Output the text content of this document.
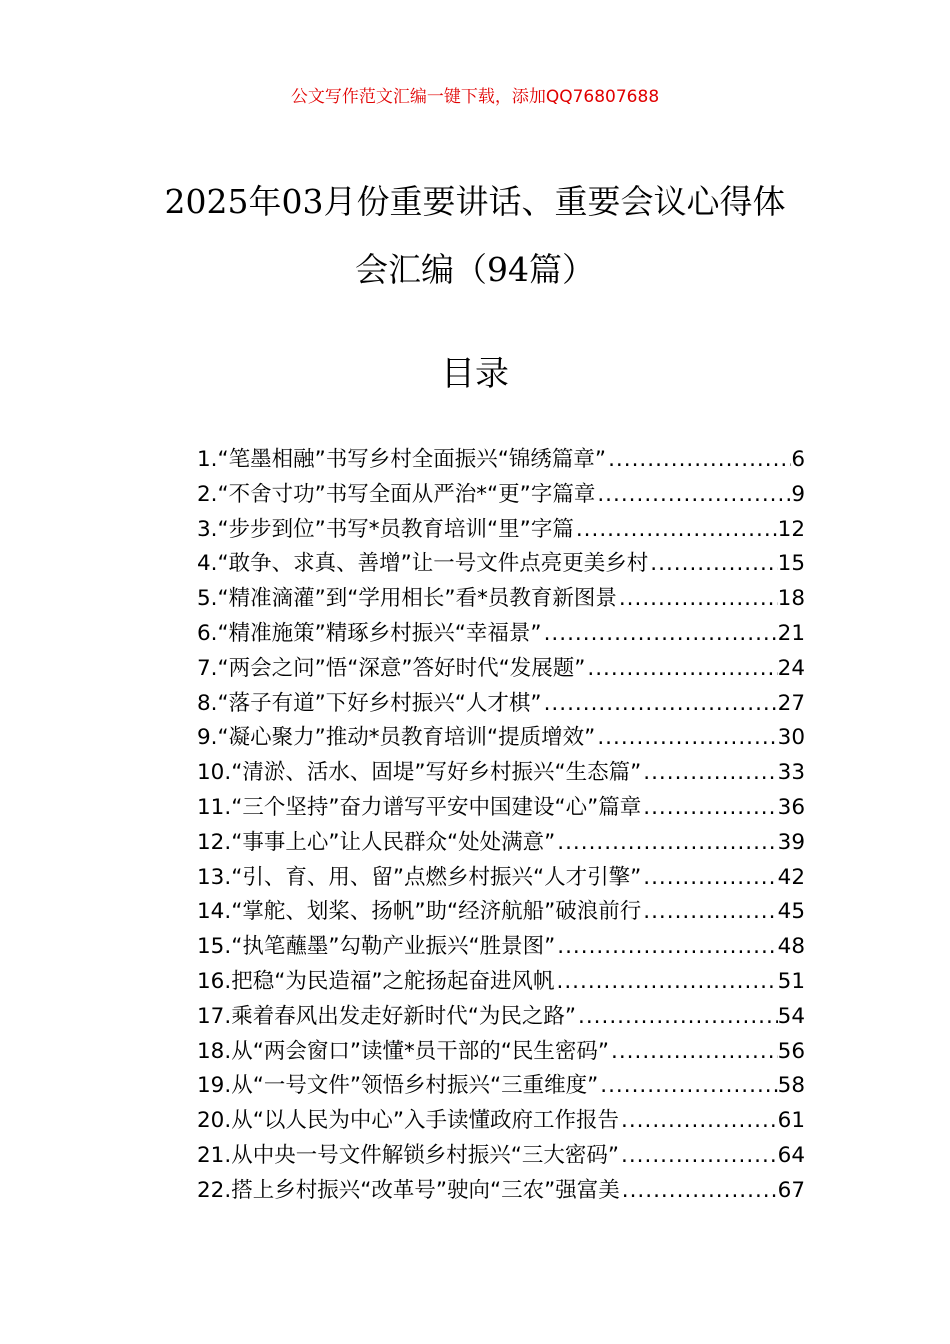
公文写作范文汇编一键下载，添加QQ76807688
2025年03月份重要讲话、重要会议心得体
会汇编（94篇）
目录
1. “笔墨相融”书写乡村全面振兴“锦绣篇章” .....	6
2. “不舍寸功”书写全面从严治*“更”字篇章 .....	9
3. “步步到位”书写*员教育培训“里”字篇 .....	12
4. “敢争、求真、善增”让一号文件点亮更美乡村 .....	15
5. “精准滴灌”到“学用相长”看*员教育新图景 .....	18
6. “精准施策”精琢乡村振兴“幸福景” .....	21
7. “两会之问”悟“深意”答好时代“发展题” .....	24
8. “落子有道”下好乡村振兴“人才棋” .....	27
9. “凝心聚力”推动*员教育培训“提质增效” .....	30
10. “清淤、活水、固堤”写好乡村振兴“生态篇” .....	33
11. “三个坚持”奋力谱写平安中国建设“心”篇章 .....	36
12. “事事上心”让人民群众“处处满意” .....	39
13. “引、育、用、留”点燃乡村振兴“人才引擎” .....	42
14. “掌舵、划桨、扬帆”助“经济航船”破浪前行 .....	45
15. “执笔蘸墨”勾勒产业振兴“胜景图” .....	48
16. 把稳“为民造福”之舵扬起奋进风帆 .....	51
17. 乘着春风出发走好新时代“为民之路” .....	54
18. 从“两会窗口”读懂*员干部的“民生密码” .....	56
19. 从“一号文件”领悟乡村振兴“三重维度” .....	58
20. 从“以人民为中心”入手读懂政府工作报告 .....	61
21. 从中央一号文件解锁乡村振兴“三大密码” .....	64
22. 搭上乡村振兴“改革号”驶向“三农”强富美 .....	67
